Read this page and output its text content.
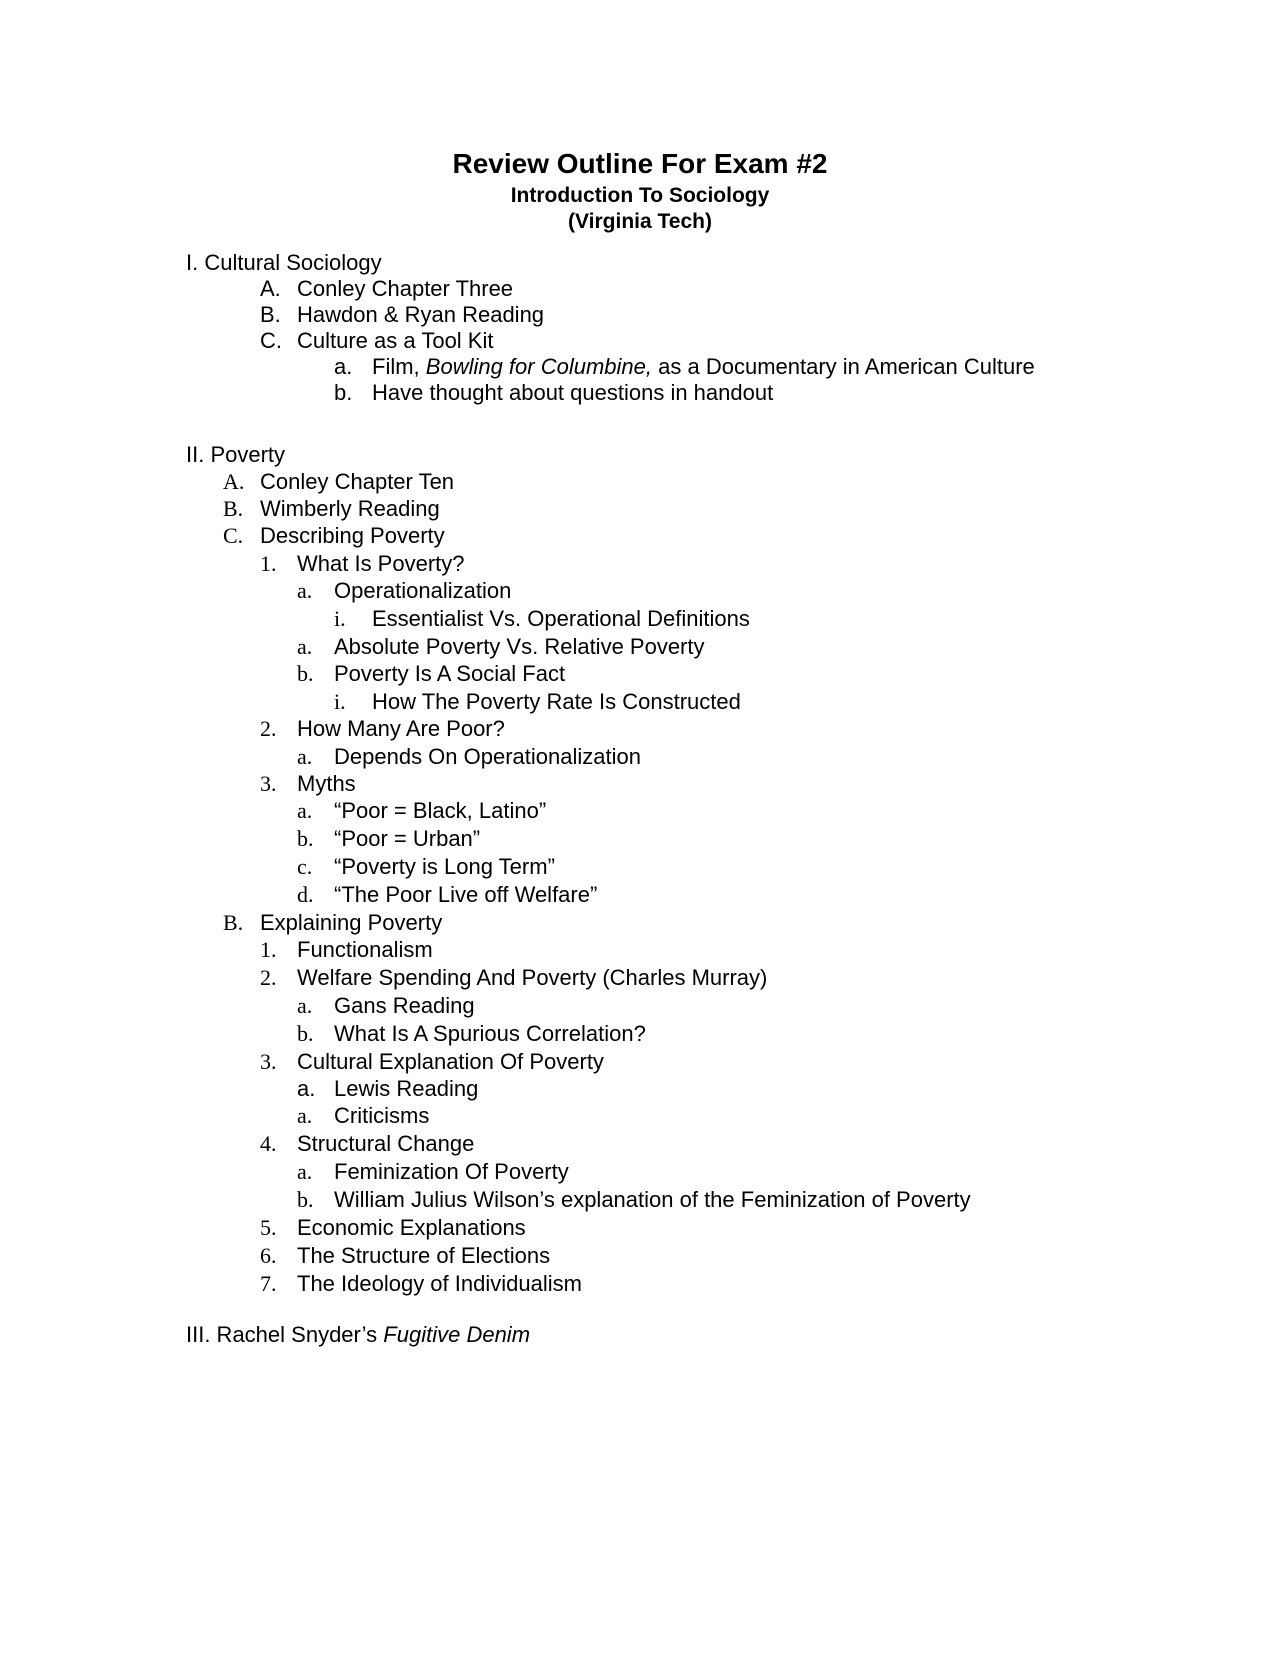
Review Outline For Exam #2
Introduction To Sociology
(Virginia Tech)
I. Cultural Sociology
A. Conley Chapter Three
B. Hawdon & Ryan Reading
C. Culture as a Tool Kit
a. Film, Bowling for Columbine, as a Documentary in American Culture
b. Have thought about questions in handout
II. Poverty
A. Conley Chapter Ten
B. Wimberly Reading
C. Describing Poverty
1. What Is Poverty?
a. Operationalization
i. Essentialist Vs. Operational Definitions
a. Absolute Poverty Vs. Relative Poverty
b. Poverty Is A Social Fact
i. How The Poverty Rate Is Constructed
2. How Many Are Poor?
a. Depends On Operationalization
3. Myths
a. “Poor = Black, Latino”
b. “Poor = Urban”
c. “Poverty is Long Term”
d. “The Poor Live off Welfare”
B. Explaining Poverty
1. Functionalism
2. Welfare Spending And Poverty (Charles Murray)
a. Gans Reading
b. What Is A Spurious Correlation?
3. Cultural Explanation Of Poverty
a. Lewis Reading
a. Criticisms
4. Structural Change
a. Feminization Of Poverty
b. William Julius Wilson’s explanation of the Feminization of Poverty
5. Economic Explanations
6. The Structure of Elections
7. The Ideology of Individualism
III. Rachel Snyder’s Fugitive Denim
